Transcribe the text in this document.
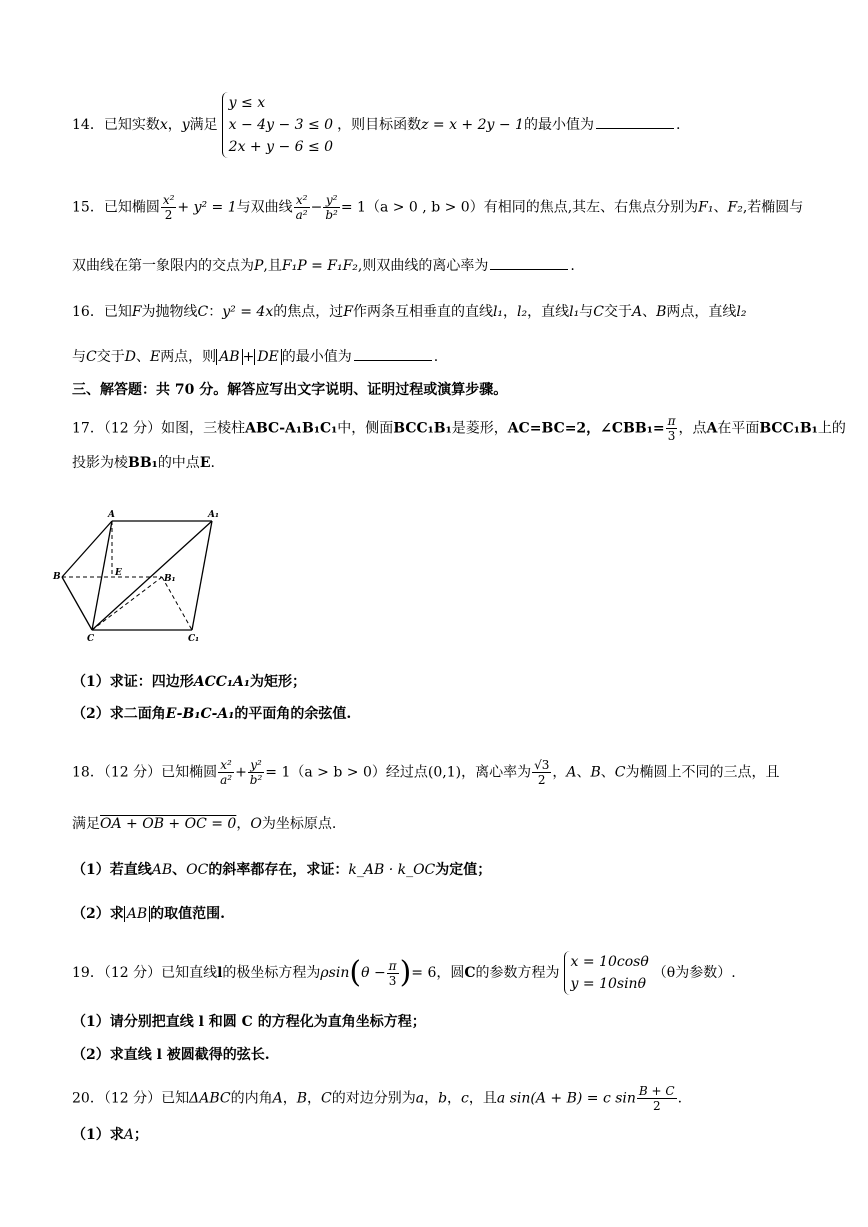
14．已知实数x，y满足
y ≤ x
x − 4y − 3 ≤ 0
2x + y − 6 ≤ 0
，则目标函数z = x + 2y − 1的最小值为	.
15．已知椭圆 $\frac{\text{x²}}{2} + y^2 = 1$与双曲线 $\frac{\text{x²}}{\text{a²}} - \frac{\text{y²}}{\text{b²}} = 1(a > 0$ , b > 0）有相同的焦点,其左、右焦点分别为F₁、F₂,若椭圆与
双曲线在第一象限内的交点为P,且F₁P = F₁F₂,则双曲线的离心率为	.
16．已知F为抛物线C：y² = 4x的焦点，过F作两条互相垂直的直线l₁，l₂，直线l₁与C交于A、B两点，直线l₂
与C交于D、E两点，则 AB + DE 的最小值为	.
三、解答题：共 70 分。解答应写出文字说明、证明过程或演算步骤。
17．（12 分）如图，三棱柱ABC-A₁B₁C₁中，侧面BCC₁B₁是菱形，AC=BC=2，∠CBB₁= $\frac{\pi}{3}$ ，点A在平面BCC₁B₁上的
投影为棱BB₁的中点E.
A	A₁
B	E
B₁
C	C₁
（1）求证：四边形ACC₁A₁为矩形；
（2）求二面角E-B₁C-A₁的平面角的余弦值.
18．（12 分）已知椭圆 $\frac{\text{x²}}{\text{a²}} + \frac{\text{y²}}{\text{b²}} = 1(a > b > 0)$经过点(0,1)，离心率为 $\frac{√3}{2}$ ，A、B、C为椭圆上不同的三点，且
满足OA + OB + OC = 0，O为坐标原点.
（1）若直线AB、OC的斜率都存在，求证：k_AB · k_OC为定值；
（2）求 AB 的取值范围.
19．（12 分）已知直线l的极坐标方程为$\rho\sin(\theta - \frac{\pi}{3}$ )= 6，圆C的参数方程为
x = 10cosθ
y = 10sinθ
（θ为参数）.
（1）请分别把直线 l 和圆 C 的方程化为直角坐标方程；
（2）求直线 l 被圆截得的弦长.
20．（12 分）已知ΔABC的内角A，B，C的对边分别为a，b，c，且a sin(A + B) = c $\sin \frac{B + C}{2}$ .
（1）求A；
